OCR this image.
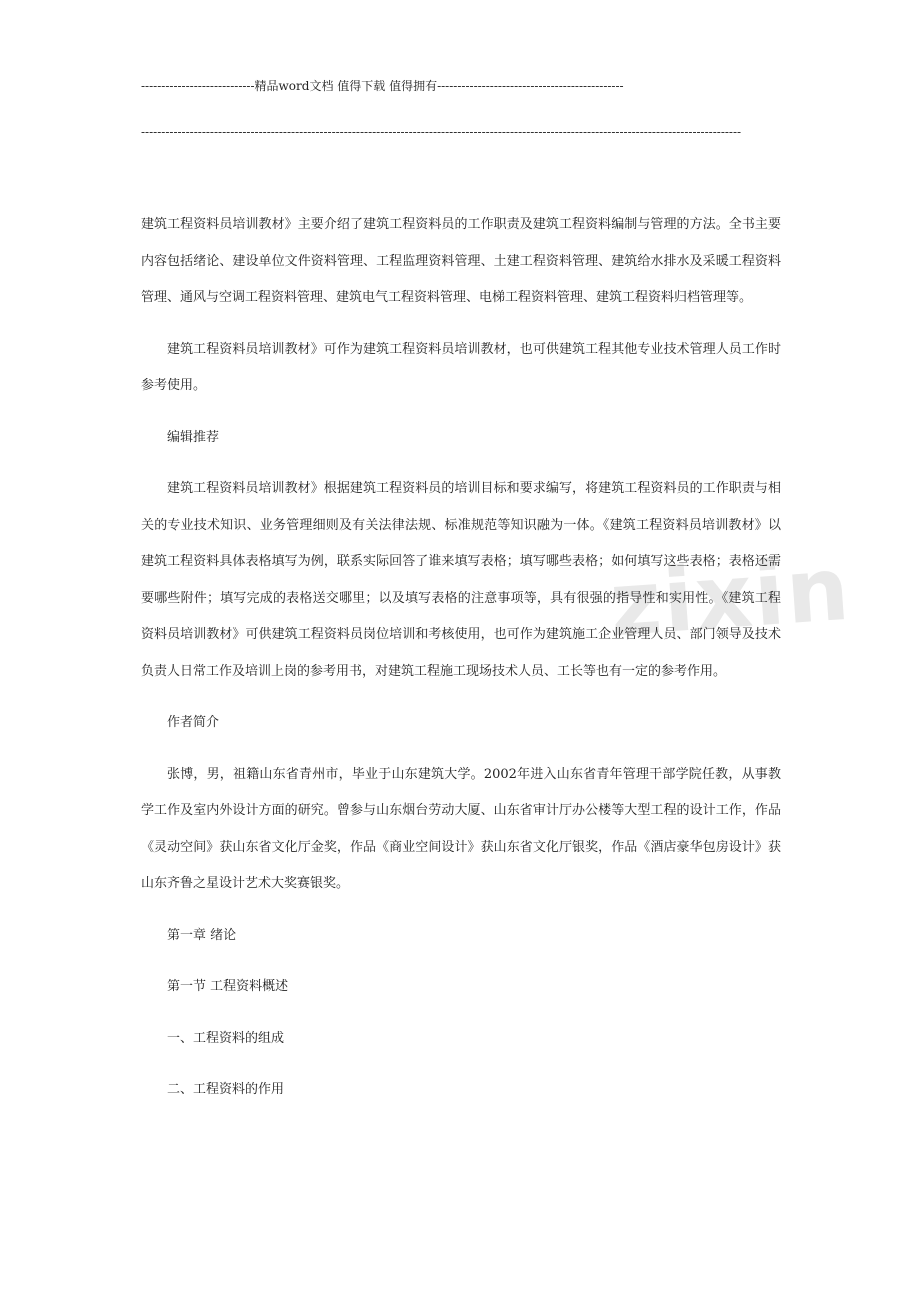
----------------------------精品word文档 值得下载 值得拥有----------------------------------------------
----------------------------------------------------------------------------------------------------------------------------------------------------
zixin

建筑工程资料员培训教材》主要介绍了建筑工程资料员的工作职责及建筑工程资料编制与管理的方法。全书主要内容包括绪论、建设单位文件资料管理、工程监理资料管理、土建工程资料管理、建筑给水排水及采暖工程资料管理、通风与空调工程资料管理、建筑电气工程资料管理、电梯工程资料管理、建筑工程资料归档管理等。

建筑工程资料员培训教材》可作为建筑工程资料员培训教材，也可供建筑工程其他专业技术管理人员工作时参考使用。

编辑推荐

建筑工程资料员培训教材》根据建筑工程资料员的培训目标和要求编写，将建筑工程资料员的工作职责与相关的专业技术知识、业务管理细则及有关法律法规、标准规范等知识融为一体。《建筑工程资料员培训教材》以建筑工程资料具体表格填写为例，联系实际回答了谁来填写表格；填写哪些表格；如何填写这些表格；表格还需要哪些附件；填写完成的表格送交哪里；以及填写表格的注意事项等，具有很强的指导性和实用性。《建筑工程资料员培训教材》可供建筑工程资料员岗位培训和考核使用，也可作为建筑施工企业管理人员、部门领导及技术负责人日常工作及培训上岗的参考用书，对建筑工程施工现场技术人员、工长等也有一定的参考作用。

作者简介

张博，男，祖籍山东省青州市，毕业于山东建筑大学。2002年进入山东省青年管理干部学院任教，从事教学工作及室内外设计方面的研究。曾参与山东烟台劳动大厦、山东省审计厅办公楼等大型工程的设计工作，作品《灵动空间》获山东省文化厅金奖，作品《商业空间设计》获山东省文化厅银奖，作品《酒店豪华包房设计》获山东齐鲁之星设计艺术大奖赛银奖。

第一章 绪论

第一节 工程资料概述

一、工程资料的组成

二、工程资料的作用
